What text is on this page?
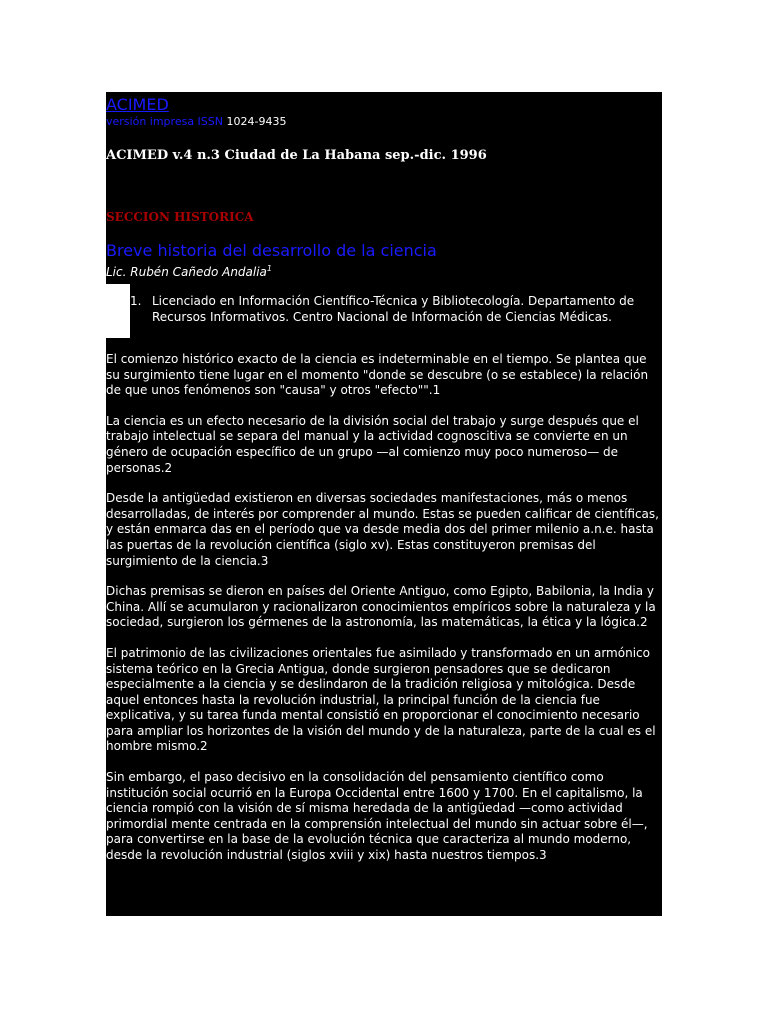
ACIMED
versión impresa ISSN 1024-9435
ACIMED v.4 n.3 Ciudad de La Habana sep.-dic. 1996
SECCION HISTORICA
Breve historia del desarrollo de la ciencia
Lic. Rubén Cañedo Andalia$^1$
1. Licenciado en Información Científico-Técnica y Bibliotecología. Departamento de Recursos Informativos. Centro Nacional de Información de Ciencias Médicas.

El comienzo histórico exacto de la ciencia es indeterminable en el tiempo. Se plantea que su surgimiento tiene lugar en el momento "donde se descubre (o se establece) la relación de que unos fenómenos son "causa" y otros "efecto"".1

La ciencia es un efecto necesario de la división social del trabajo y surge después que el trabajo intelectual se separa del manual y la actividad cognoscitiva se convierte en un género de ocupación específico de un grupo —al comienzo muy poco numeroso— de personas.2

Desde la antigüedad existieron en diversas sociedades manifestaciones, más o menos desarrolladas, de interés por comprender al mundo. Estas se pueden calificar de científicas, y están enmarca das en el período que va desde media dos del primer milenio a.n.e. hasta las puertas de la revolución científica (siglo xv). Estas constituyeron premisas del surgimiento de la ciencia.3

Dichas premisas se dieron en países del Oriente Antiguo, como Egipto, Babilonia, la India y China. Allí se acumularon y racionalizaron conocimientos empíricos sobre la naturaleza y la sociedad, surgieron los gérmenes de la astronomía, las matemáticas, la ética y la lógica.2

El patrimonio de las civilizaciones orientales fue asimilado y transformado en un armónico sistema teórico en la Grecia Antigua, donde surgieron pensadores que se dedicaron especialmente a la ciencia y se deslindaron de la tradición religiosa y mitológica. Desde aquel entonces hasta la revolución industrial, la principal función de la ciencia fue explicativa, y su tarea funda mental consistió en proporcionar el conocimiento necesario para ampliar los horizontes de la visión del mundo y de la naturaleza, parte de la cual es el hombre mismo.2

Sin embargo, el paso decisivo en la consolidación del pensamiento científico como institución social ocurrió en la Europa Occidental entre 1600 y 1700. En el capitalismo, la ciencia rompió con la visión de sí misma heredada de la antigüedad —como actividad primordial mente centrada en la comprensión intelectual del mundo sin actuar sobre él—, para convertirse en la base de la evolución técnica que caracteriza al mundo moderno, desde la revolución industrial (siglos xviii y xix) hasta nuestros tiempos.3
